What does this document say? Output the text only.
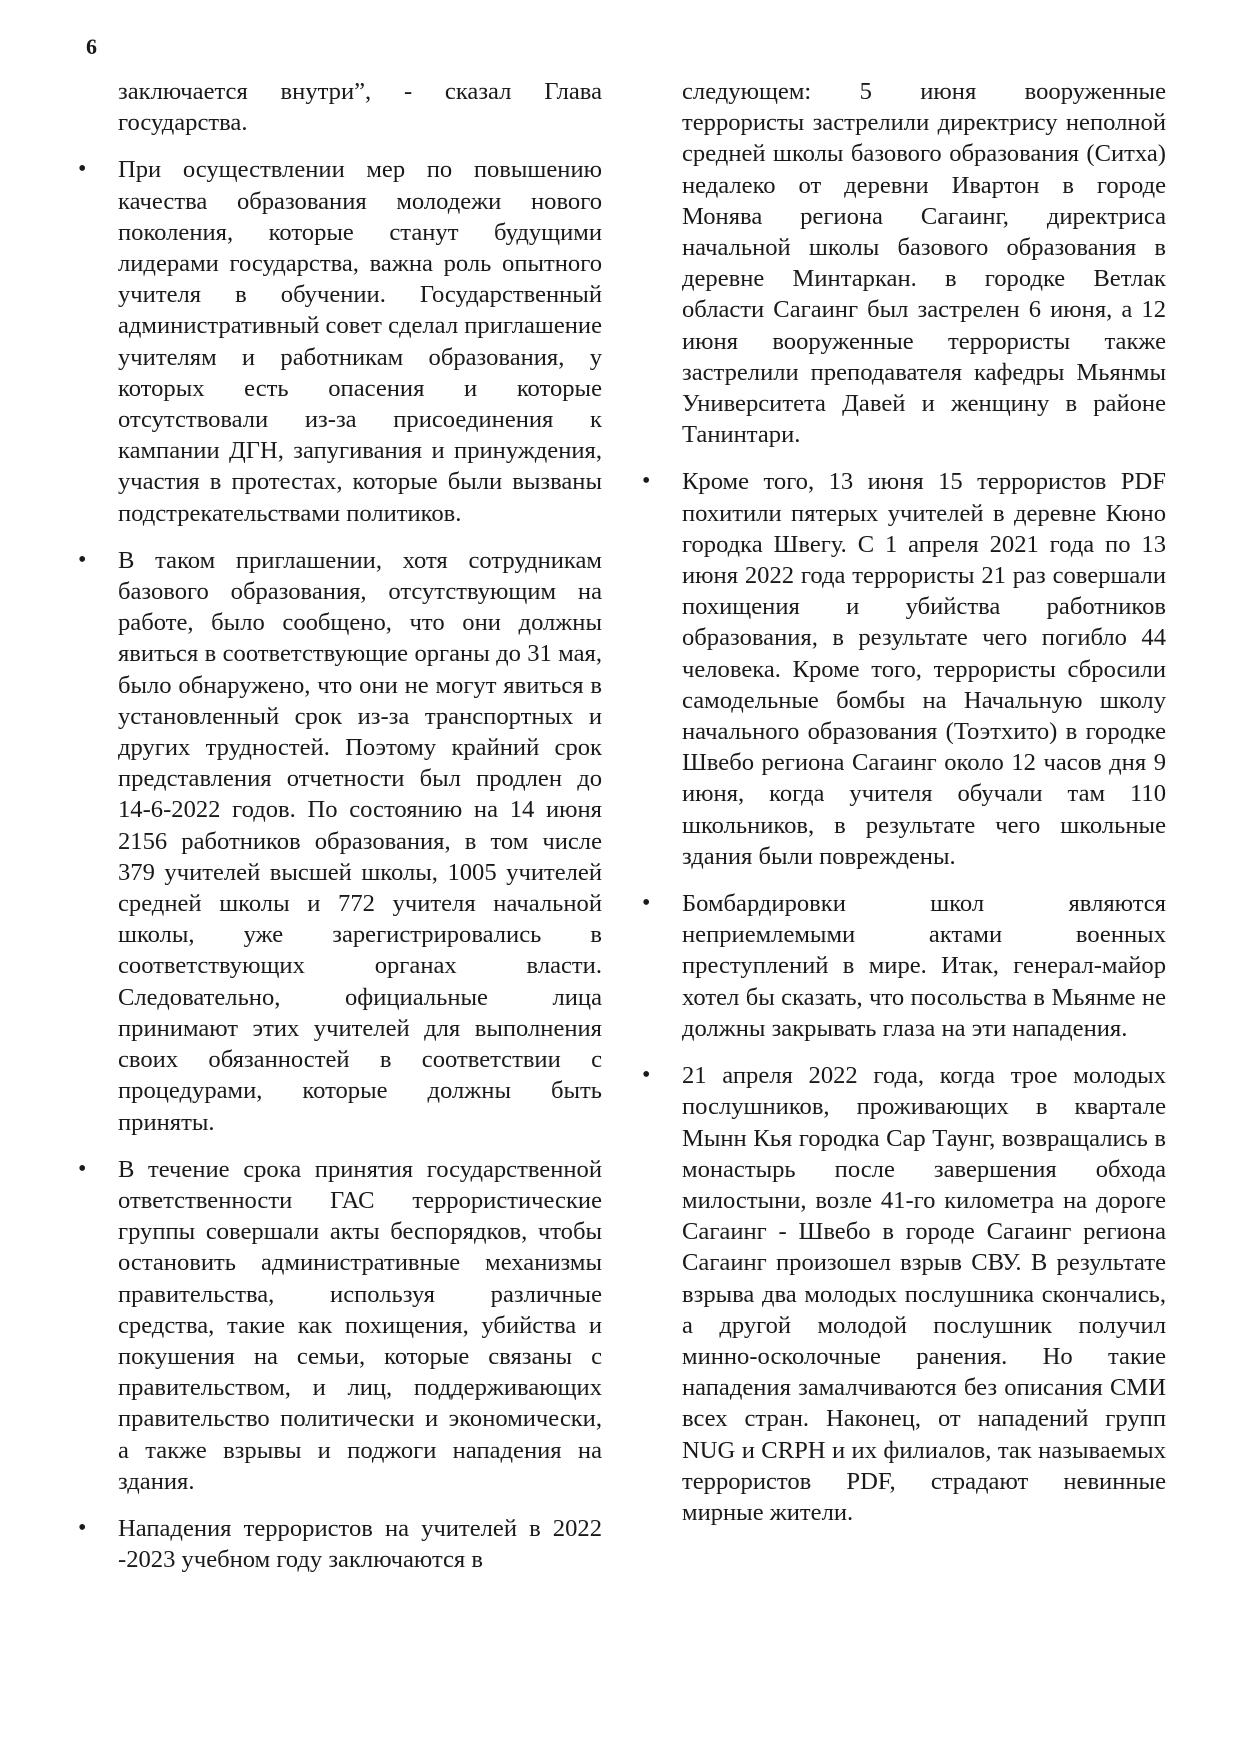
6

заключается внутри”, - сказал Глава государства.

• При осуществлении мер по повышению качества образования молодежи нового поколения, которые станут будущими лидерами государства, важна роль опытного учителя в обучении. Государственный административный совет сделал приглашение учителям и работникам образования, у которых есть опасения и которые отсутствовали из-за присоединения к кампании ДГН, запугивания и принуждения, участия в протестах, которые были вызваны подстрекательствами политиков.

• В таком приглашении, хотя сотрудникам базового образования, отсутствующим на работе, было сообщено, что они должны явиться в соответствующие органы до 31 мая, было обнаружено, что они не могут явиться в установленный срок из-за транспортных и других трудностей. Поэтому крайний срок представления отчетности был продлен до 14-6-2022 годов. По состоянию на 14 июня 2156 работников образования, в том числе 379 учителей высшей школы, 1005 учителей средней школы и 772 учителя начальной школы, уже зарегистрировались в соответствующих органах власти. Следовательно, официальные лица принимают этих учителей для выполнения своих обязанностей в соответствии с процедурами, которые должны быть приняты.

• В течение срока принятия государственной ответственности ГАС террористические группы совершали акты беспорядков, чтобы остановить административные механизмы правительства, используя различные средства, такие как похищения, убийства и покушения на семьи, которые связаны с правительством, и лиц, поддерживающих правительство политически и экономически, а также взрывы и поджоги нападения на здания.

• Нападения террористов на учителей в 2022 -2023 учебном году заключаются в

следующем: 5 июня вооруженные террористы застрелили директрису неполной средней школы базового образования (Ситха) недалеко от деревни Ивартон в городе Монява региона Сагаинг, директриса начальной школы базового образования в деревне Минтаркан. в городке Ветлак области Сагаинг был застрелен 6 июня, а 12 июня вооруженные террористы также застрелили преподавателя кафедры Мьянмы Университета Давей и женщину в районе Танинтари.

• Кроме того, 13 июня 15 террористов PDF похитили пятерых учителей в деревне Кюно городка Швегу. С 1 апреля 2021 года по 13 июня 2022 года террористы 21 раз совершали похищения и убийства работников образования, в результате чего погибло 44 человека. Кроме того, террористы сбросили самодельные бомбы на Начальную школу начального образования (Тоэтхито) в городке Швебо региона Сагаинг около 12 часов дня 9 июня, когда учителя обучали там 110 школьников, в результате чего школьные здания были повреждены.

• Бомбардировки школ являются неприемлемыми актами военных преступлений в мире. Итак, генерал-майор хотел бы сказать, что посольства в Мьянме не должны закрывать глаза на эти нападения.

• 21 апреля 2022 года, когда трое молодых послушников, проживающих в квартале Мынн Кья городка Сар Таунг, возвращались в монастырь после завершения обхода милостыни, возле 41-го километра на дороге Сагаинг - Швебо в городе Сагаинг региона Сагаинг произошел взрыв СВУ. В результате взрыва два молодых послушника скончались, а другой молодой послушник получил минно-осколочные ранения. Но такие нападения замалчиваются без описания СМИ всех стран. Наконец, от нападений групп NUG и CRPH и их филиалов, так называемых террористов PDF, страдают невинные мирные жители.
